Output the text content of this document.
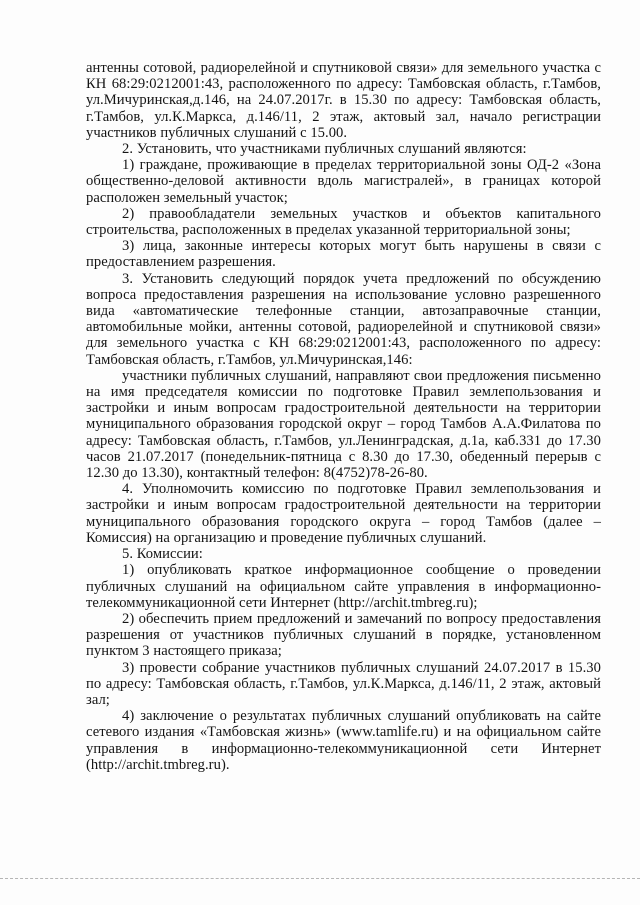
антенны сотовой, радиорелейной и спутниковой связи» для земельного участка с КН 68:29:0212001:43, расположенного по адресу: Тамбовская область, г.Тамбов, ул.Мичуринская,д.146, на 24.07.2017г. в 15.30 по адресу: Тамбовская область, г.Тамбов, ул.К.Маркса, д.146/11, 2 этаж, актовый зал, начало регистрации участников публичных слушаний с 15.00.

2. Установить, что участниками публичных слушаний являются:

1) граждане, проживающие в пределах территориальной зоны ОД-2 «Зона общественно-деловой активности вдоль магистралей», в границах которой расположен земельный участок;

2) правообладатели земельных участков и объектов капитального строительства, расположенных в пределах указанной территориальной зоны;

3) лица, законные интересы которых могут быть нарушены в связи с предоставлением разрешения.

3. Установить следующий порядок учета предложений по обсуждению вопроса предоставления разрешения на использование условно разрешенного вида «автоматические телефонные станции, автозаправочные станции, автомобильные мойки, антенны сотовой, радиорелейной и спутниковой связи» для земельного участка с КН 68:29:0212001:43, расположенного по адресу: Тамбовская область, г.Тамбов, ул.Мичуринская,146:

участники публичных слушаний, направляют свои предложения письменно на имя председателя комиссии по подготовке Правил землепользования и застройки и иным вопросам градостроительной деятельности на территории муниципального образования городской округ – город Тамбов А.А.Филатова по адресу: Тамбовская область, г.Тамбов, ул.Ленинградская, д.1а, каб.331 до 17.30 часов 21.07.2017 (понедельник-пятница с 8.30 до 17.30, обеденный перерыв с 12.30 до 13.30), контактный телефон: 8(4752)78-26-80.

4. Уполномочить комиссию по подготовке Правил землепользования и застройки и иным вопросам градостроительной деятельности на территории муниципального образования городского округа – город Тамбов (далее – Комиссия) на организацию и проведение публичных слушаний.

5. Комиссии:

1) опубликовать краткое информационное сообщение о проведении публичных слушаний на официальном сайте управления в информационно-телекоммуникационной сети Интернет (http://archit.tmbreg.ru);

2) обеспечить прием предложений и замечаний по вопросу предоставления разрешения от участников публичных слушаний в порядке, установленном пунктом 3 настоящего приказа;

3) провести собрание участников публичных слушаний 24.07.2017 в 15.30 по адресу: Тамбовская область, г.Тамбов, ул.К.Маркса, д.146/11, 2 этаж, актовый зал;

4) заключение о результатах публичных слушаний опубликовать на сайте сетевого издания «Тамбовская жизнь» (www.tamlife.ru) и на официальном сайте управления в информационно-телекоммуникационной сети Интернет (http://archit.tmbreg.ru).
